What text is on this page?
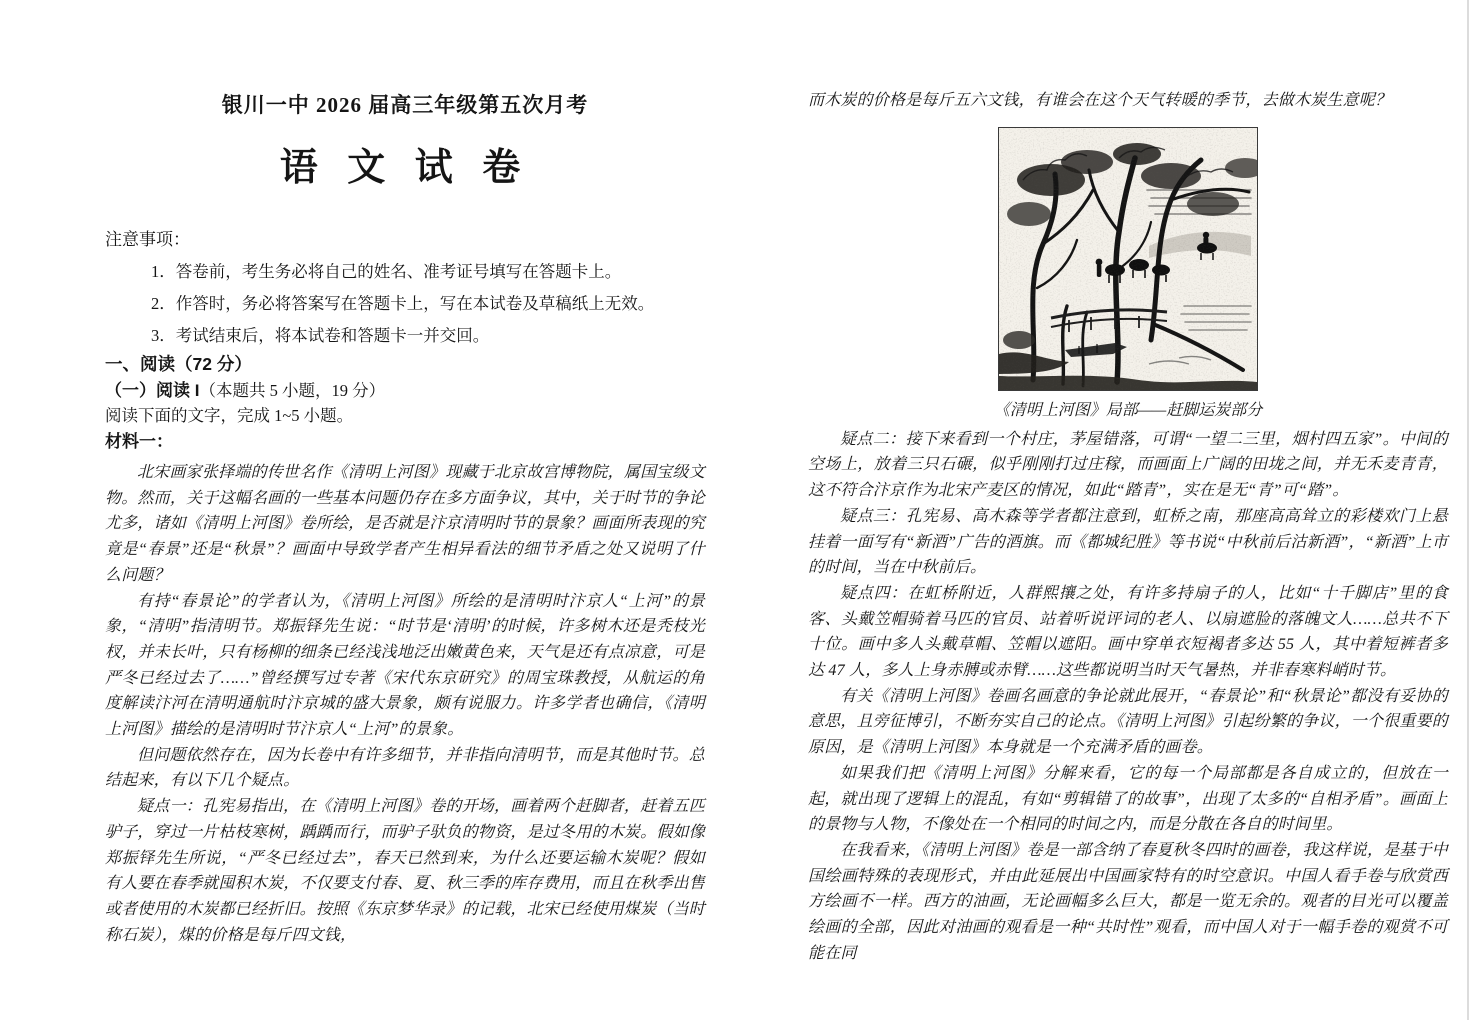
银川一中 2026 届高三年级第五次月考
语 文 试 卷
注意事项：
1．答卷前，考生务必将自己的姓名、准考证号填写在答题卡上。
2．作答时，务必将答案写在答题卡上，写在本试卷及草稿纸上无效。
3．考试结束后，将本试卷和答题卡一并交回。
一、阅读（72 分）
（一）阅读 I（本题共 5 小题，19 分）
阅读下面的文字，完成 1~5 小题。
材料一：

北宋画家张择端的传世名作《清明上河图》现藏于北京故宫博物院，属国宝级文物。然而，关于这幅名画的一些基本问题仍存在多方面争议，其中，关于时节的争论尤多，诸如《清明上河图》卷所绘，是否就是汴京清明时节的景象？画面所表现的究竟是“春景”还是“秋景”？画面中导致学者产生相异看法的细节矛盾之处又说明了什么问题？

有持“春景论”的学者认为，《清明上河图》所绘的是清明时汴京人“上河”的景象，“清明”指清明节。郑振铎先生说：“时节是‘清明’的时候，许多树木还是秃枝光杈，并未长叶，只有杨柳的细条已经浅浅地泛出嫩黄色来，天气是还有点凉意，可是严冬已经过去了……”曾经撰写过专著《宋代东京研究》的周宝珠教授，从航运的角度解读汴河在清明通航时汴京城的盛大景象，颇有说服力。许多学者也确信，《清明上河图》描绘的是清明时节汴京人“上河”的景象。

但问题依然存在，因为长卷中有许多细节，并非指向清明节，而是其他时节。总结起来，有以下几个疑点。

疑点一：孔宪易指出，在《清明上河图》卷的开场，画着两个赶脚者，赶着五匹驴子，穿过一片枯枝寒树，踽踽而行，而驴子驮负的物资，是过冬用的木炭。假如像郑振铎先生所说，“严冬已经过去”，春天已然到来，为什么还要运输木炭呢？假如有人要在春季就囤积木炭，不仅要支付春、夏、秋三季的库存费用，而且在秋季出售或者使用的木炭都已经折旧。按照《东京梦华录》的记载，北宋已经使用煤炭（当时称石炭），煤的价格是每斤四文钱，

而木炭的价格是每斤五六文钱，有谁会在这个天气转暖的季节，去做木炭生意呢？

《清明上河图》局部——赶脚运炭部分

疑点二：接下来看到一个村庄，茅屋错落，可谓“一望二三里，烟村四五家”。中间的空场上，放着三只石碾，似乎刚刚打过庄稼，而画面上广阔的田垅之间，并无禾麦青青，这不符合汴京作为北宋产麦区的情况，如此“踏青”，实在是无“青”可“踏”。

疑点三：孔宪易、高木森等学者都注意到，虹桥之南，那座高高耸立的彩楼欢门上悬挂着一面写有“新酒”广告的酒旗。而《都城纪胜》等书说“中秋前后沽新酒”，“新酒”上市的时间，当在中秋前后。

疑点四：在虹桥附近，人群熙攘之处，有许多持扇子的人，比如“十千脚店”里的食客、头戴笠帽骑着马匹的官员、站着听说评词的老人、以扇遮脸的落魄文人……总共不下十位。画中多人头戴草帽、笠帽以遮阳。画中穿单衣短褐者多达 55 人，其中着短裤者多达 47 人，多人上身赤膊或赤臂……这些都说明当时天气暑热，并非春寒料峭时节。

有关《清明上河图》卷画名画意的争论就此展开，“春景论”和“秋景论”都没有妥协的意思，且旁征博引，不断夯实自己的论点。《清明上河图》引起纷繁的争议，一个很重要的原因，是《清明上河图》本身就是一个充满矛盾的画卷。

如果我们把《清明上河图》分解来看，它的每一个局部都是各自成立的，但放在一起，就出现了逻辑上的混乱，有如“剪辑错了的故事”，出现了太多的“自相矛盾”。画面上的景物与人物，不像处在一个相同的时间之内，而是分散在各自的时间里。

在我看来，《清明上河图》卷是一部含纳了春夏秋冬四时的画卷，我这样说，是基于中国绘画特殊的表现形式，并由此延展出中国画家特有的时空意识。中国人看手卷与欣赏西方绘画不一样。西方的油画，无论画幅多么巨大，都是一览无余的。观者的目光可以覆盖绘画的全部，因此对油画的观看是一种“共时性”观看，而中国人对于一幅手卷的观赏不可能在同
